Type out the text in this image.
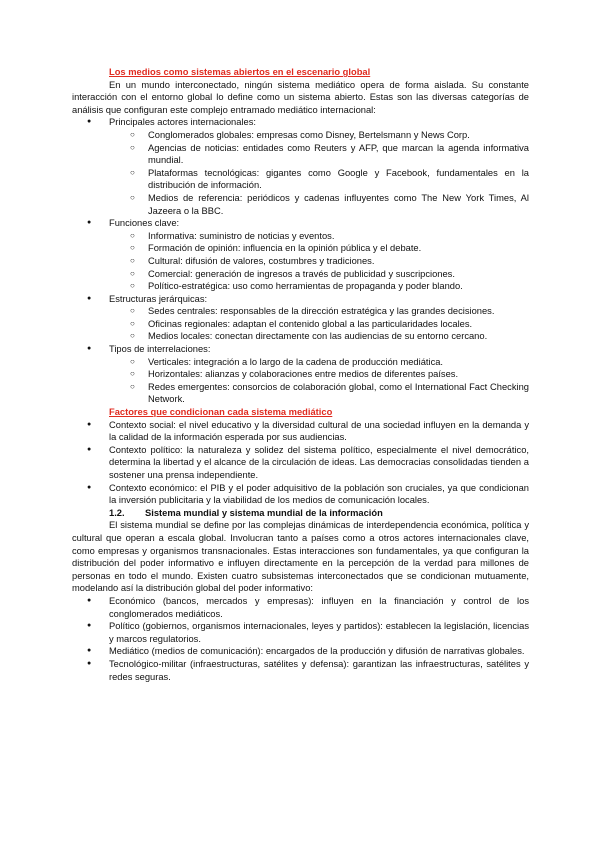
Los medios como sistemas abiertos en el escenario global

En un mundo interconectado, ningún sistema mediático opera de forma aislada. Su constante interacción con el entorno global lo define como un sistema abierto. Estas son las diversas categorías de análisis que configuran este complejo entramado mediático internacional:

● Principales actores internacionales:
○ Conglomerados globales: empresas como Disney, Bertelsmann y News Corp.
○ Agencias de noticias: entidades como Reuters y AFP, que marcan la agenda informativa mundial.
○ Plataformas tecnológicas: gigantes como Google y Facebook, fundamentales en la distribución de información.
○ Medios de referencia: periódicos y cadenas influyentes como The New York Times, Al Jazeera o la BBC.
● Funciones clave:
○ Informativa: suministro de noticias y eventos.
○ Formación de opinión: influencia en la opinión pública y el debate.
○ Cultural: difusión de valores, costumbres y tradiciones.
○ Comercial: generación de ingresos a través de publicidad y suscripciones.
○ Político-estratégica: uso como herramientas de propaganda y poder blando.
● Estructuras jerárquicas:
○ Sedes centrales: responsables de la dirección estratégica y las grandes decisiones.
○ Oficinas regionales: adaptan el contenido global a las particularidades locales.
○ Medios locales: conectan directamente con las audiencias de su entorno cercano.
● Tipos de interrelaciones:
○ Verticales: integración a lo largo de la cadena de producción mediática.
○ Horizontales: alianzas y colaboraciones entre medios de diferentes países.
○ Redes emergentes: consorcios de colaboración global, como el International Fact Checking Network.
Factores que condicionan cada sistema mediático
● Contexto social: el nivel educativo y la diversidad cultural de una sociedad influyen en la demanda y la calidad de la información esperada por sus audiencias.
● Contexto político: la naturaleza y solidez del sistema político, especialmente el nivel democrático, determina la libertad y el alcance de la circulación de ideas. Las democracias consolidadas tienden a sostener una prensa independiente.
● Contexto económico: el PIB y el poder adquisitivo de la población son cruciales, ya que condicionan la inversión publicitaria y la viabilidad de los medios de comunicación locales.
1.2. Sistema mundial y sistema mundial de la información

El sistema mundial se define por las complejas dinámicas de interdependencia económica, política y cultural que operan a escala global. Involucran tanto a países como a otros actores internacionales clave, como empresas y organismos transnacionales. Estas interacciones son fundamentales, ya que configuran la distribución del poder informativo e influyen directamente en la percepción de la verdad para millones de personas en todo el mundo. Existen cuatro subsistemas interconectados que se condicionan mutuamente, modelando así la distribución global del poder informativo:

● Económico (bancos, mercados y empresas): influyen en la financiación y control de los conglomerados mediáticos.
● Político (gobiernos, organismos internacionales, leyes y partidos): establecen la legislación, licencias y marcos regulatorios.
● Mediático (medios de comunicación): encargados de la producción y difusión de narrativas globales.
● Tecnológico-militar (infraestructuras, satélites y defensa): garantizan las infraestructuras, satélites y redes seguras.
